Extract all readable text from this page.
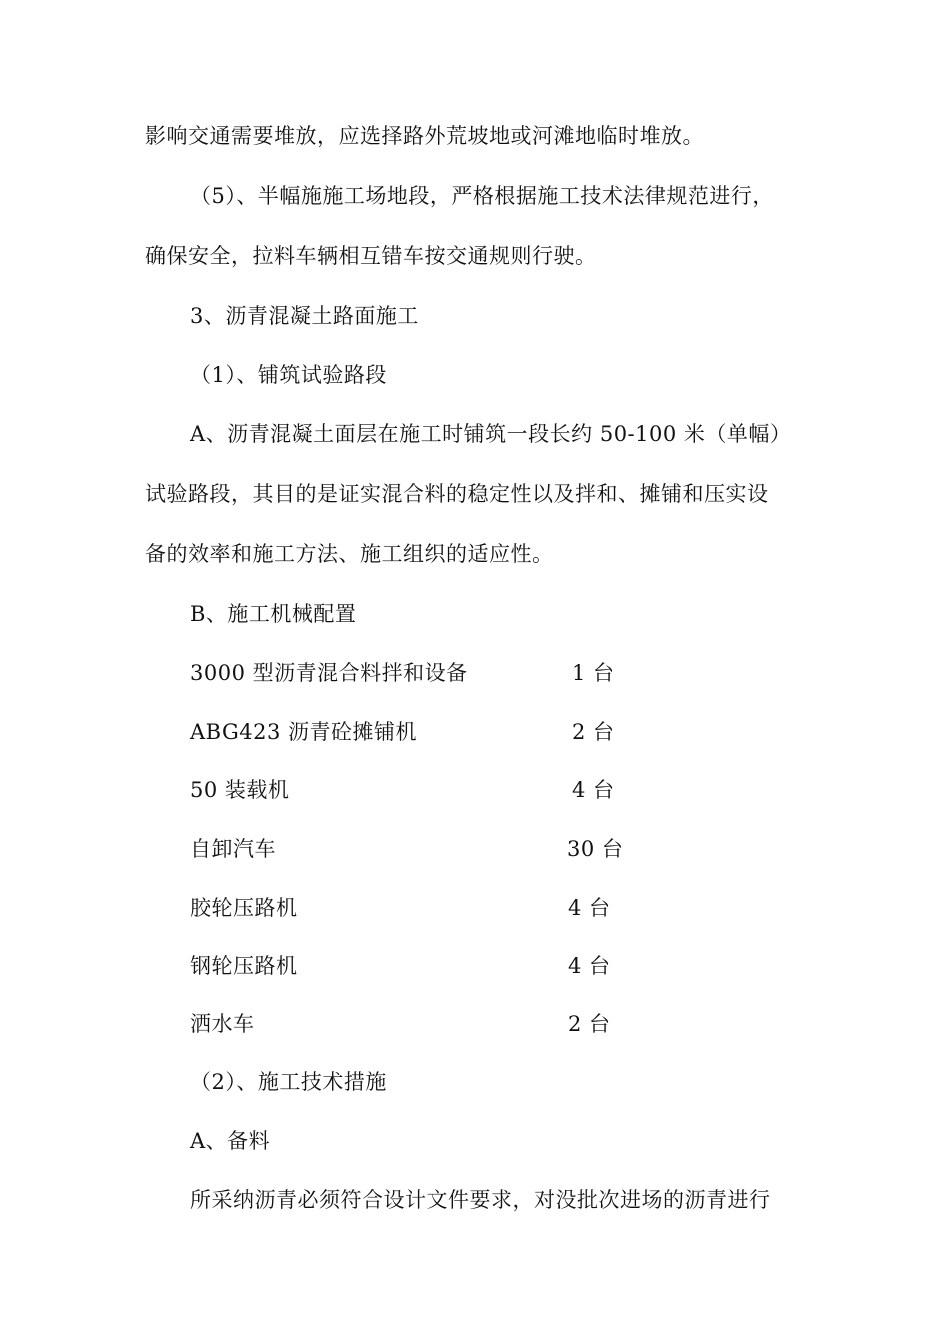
影响交通需要堆放，应选择路外荒坡地或河滩地临时堆放。
（5）、半幅施施工场地段，严格根据施工技术法律规范进行，
确保安全，拉料车辆相互错车按交通规则行驶。
3、沥青混凝土路面施工
（1）、铺筑试验路段
A、沥青混凝土面层在施工时铺筑一段长约 50-100 米（单幅）
试验路段，其目的是证实混合料的稳定性以及拌和、摊铺和压实设
备的效率和施工方法、施工组织的适应性。
B、施工机械配置
3000 型沥青混合料拌和设备	1 台
ABG423 沥青砼摊铺机	2 台
50 装载机	4 台
自卸汽车	30 台
胶轮压路机	4 台
钢轮压路机	4 台
洒水车	2 台
（2）、施工技术措施
A、备料
所采纳沥青必须符合设计文件要求，对没批次进场的沥青进行
